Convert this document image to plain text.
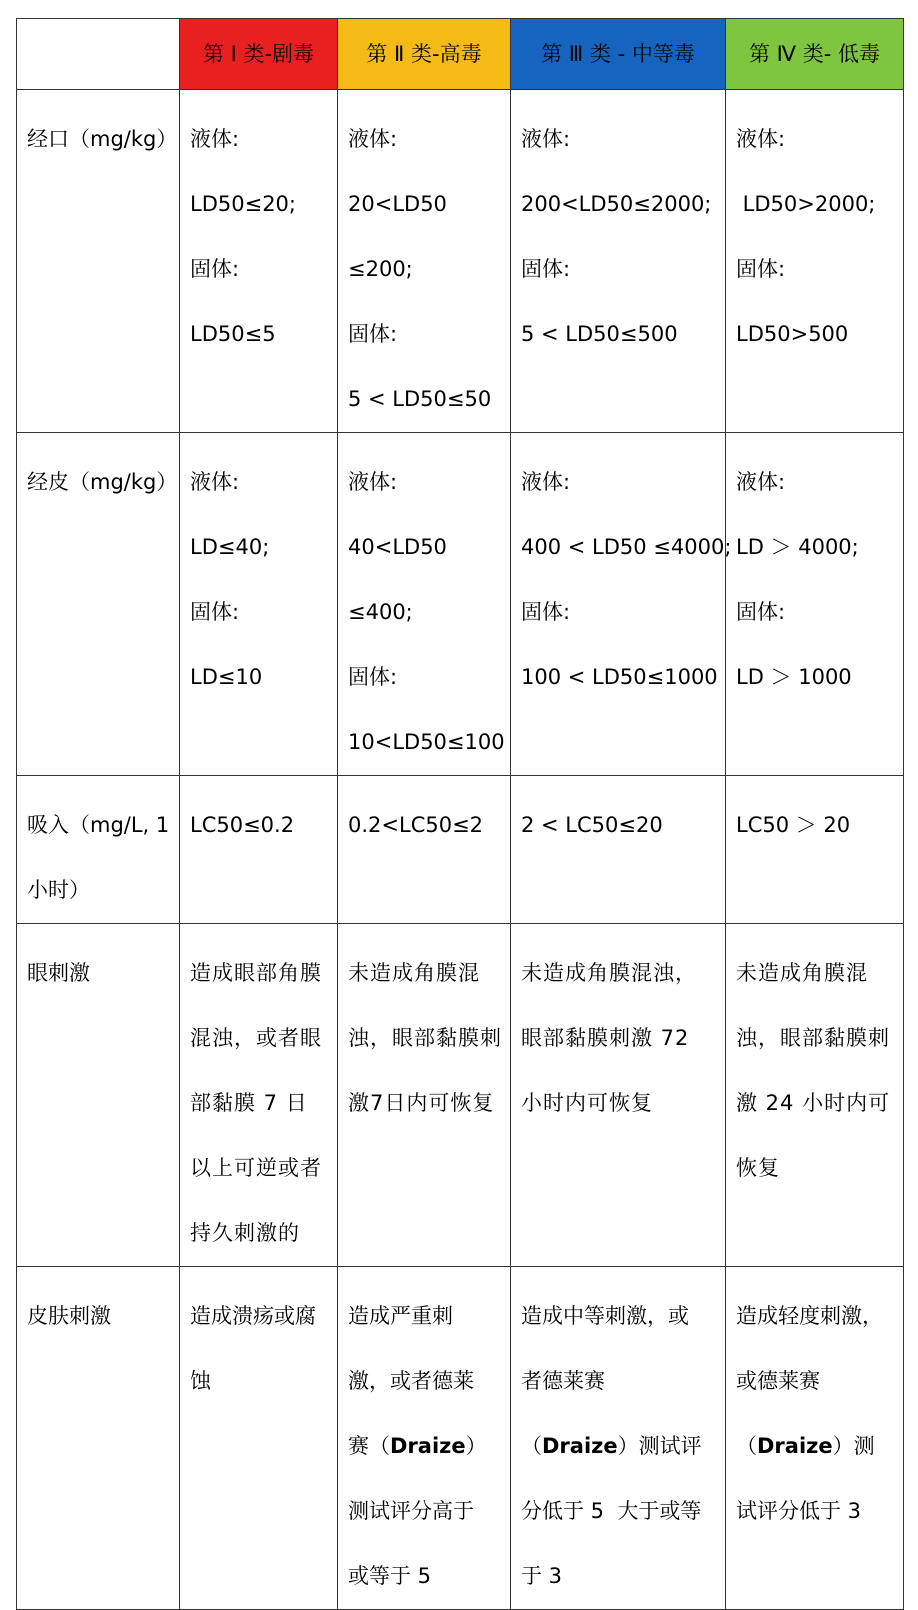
	第 Ⅰ 类-剧毒	第 Ⅱ 类-高毒	第 Ⅲ 类 - 中等毒	第 Ⅳ 类- 低毒

经口（mg/kg）	液体:
LD50≤20;
固体:
LD50≤5	液体:
20<LD50
≤200;
固体:
5 < LD50≤50	液体:
200<LD50≤2000;
固体:
5 < LD50≤500	液体:
LD50>2000;
固体:
LD50>500

经皮（mg/kg）	液体:
LD≤40;
固体:
LD≤10	液体:
40<LD50
≤400;
固体:
10<LD50≤100	液体:
400 < LD50 ≤4000;
固体:
100 < LD50≤1000	液体:
LD ＞ 4000;
固体:
LD ＞ 1000

吸入（mg/L, 1
小时）	LC50≤0.2	0.2<LC50≤2	2 < LC50≤20	LC50 ＞ 20

眼刺激	造成眼部角膜混浊，或者眼部黏膜 7 日以上可逆或者持久刺激的	未造成角膜混浊，眼部黏膜刺激7日内可恢复	未造成角膜混浊，眼部黏膜刺激 72 小时内可恢复	未造成角膜混浊，眼部黏膜刺激 24 小时内可恢复

皮肤刺激	造成溃疡或腐
蚀	造成严重刺
激，或者德莱
赛（Draize）
测试评分高于
或等于 5	造成中等刺激，或
者德莱赛
（Draize）测试评
分低于 5  大于或等
于 3	造成轻度刺激，
或德莱赛
（Draize）测
试评分低于 3
